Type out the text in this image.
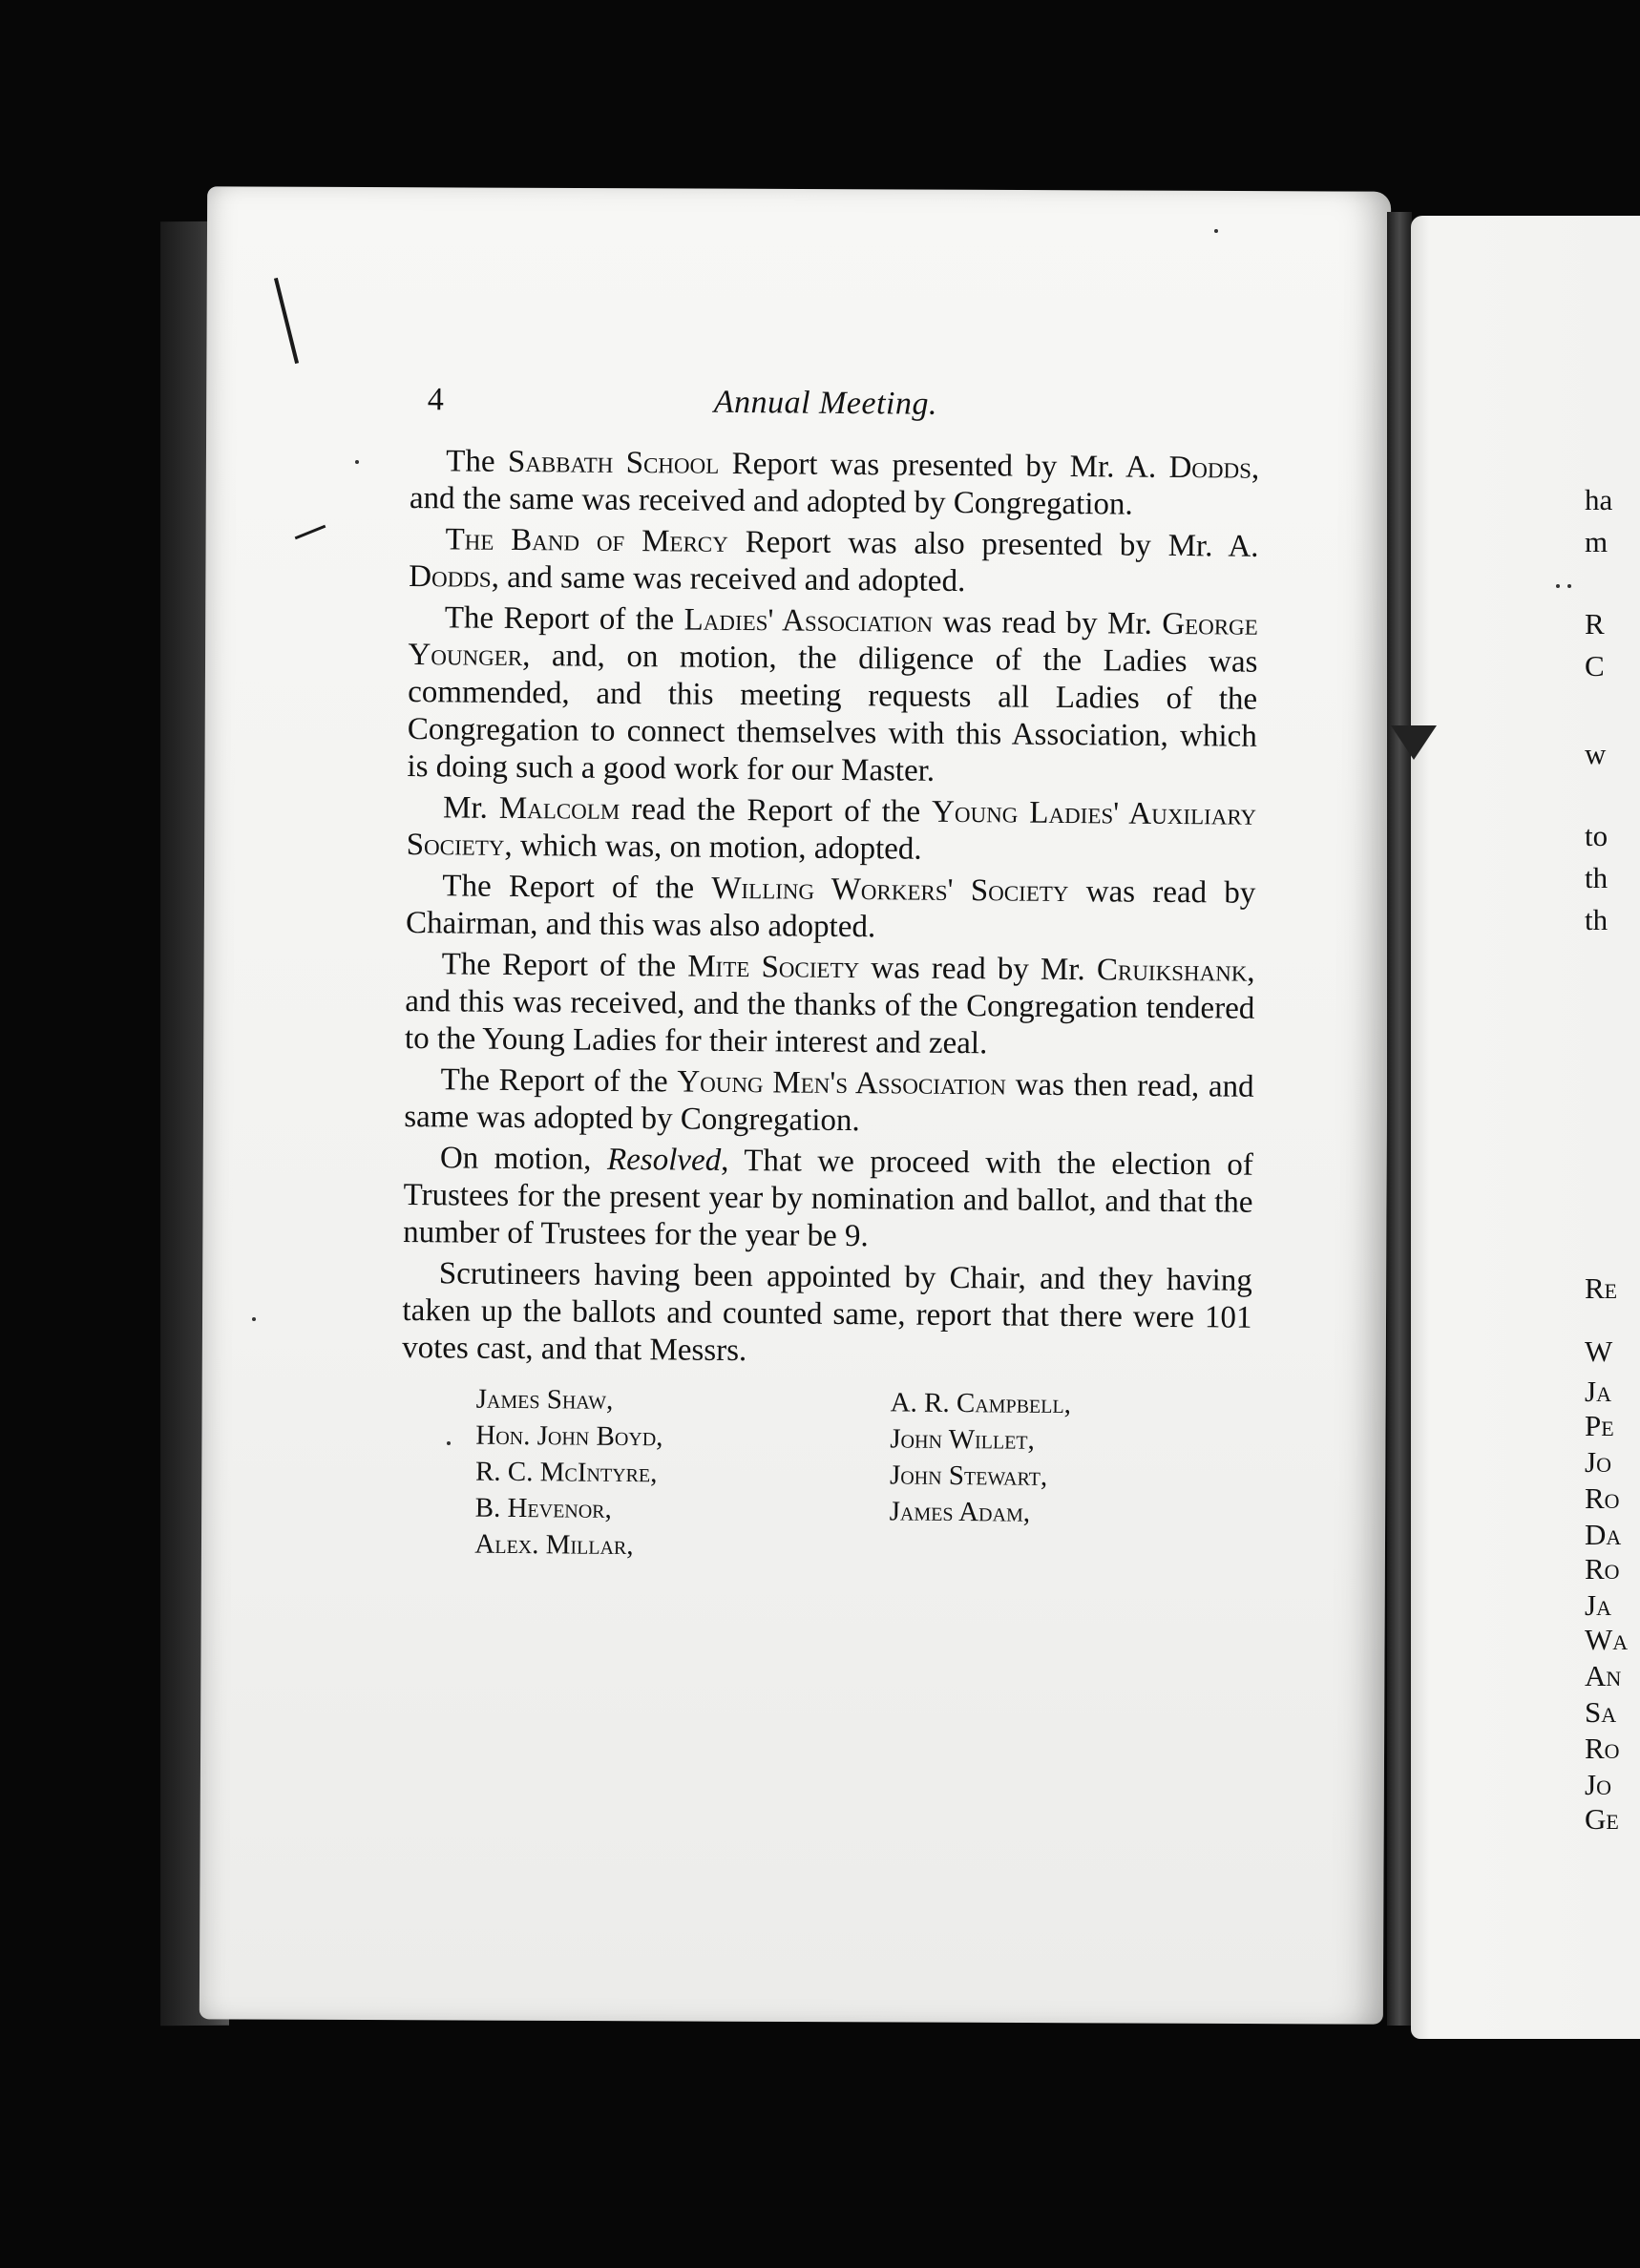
4	Annual Meeting.

The Sabbath School Report was presented by Mr. A. Dodds, and the same was received and adopted by Congregation.

The Band of Mercy Report was also presented by Mr. A. Dodds, and same was received and adopted.

The Report of the Ladies' Association was read by Mr. George Younger, and, on motion, the diligence of the Ladies was commended, and this meeting requests all Ladies of the Congregation to connect themselves with this Association, which is doing such a good work for our Master.

Mr. Malcolm read the Report of the Young Ladies' Auxiliary Society, which was, on motion, adopted.

The Report of the Willing Workers' Society was read by Chairman, and this was also adopted.

The Report of the Mite Society was read by Mr. Cruikshank, and this was received, and the thanks of the Congregation tendered to the Young Ladies for their interest and zeal.

The Report of the Young Men's Association was then read, and same was adopted by Congregation.

On motion, Resolved, That we proceed with the election of Trustees for the present year by nomination and ballot, and that the number of Trustees for the year be 9.

Scrutineers having been appointed by Chair, and they having taken up the ballots and counted same, report that there were 101 votes cast, and that Messrs.

James Shaw,
Hon. John Boyd,
R. C. McIntyre,
B. Hevenor,
Alex. Millar,
A. R. Campbell,
John Willet,
John Stewart,
James Adam,
ha
m
R
C
w
to
th
th
Re
W
Ja
Pe
Jo
Ro
Da
Ro
Ja
Wa
An
Sa
Ro
Jo
Ge
